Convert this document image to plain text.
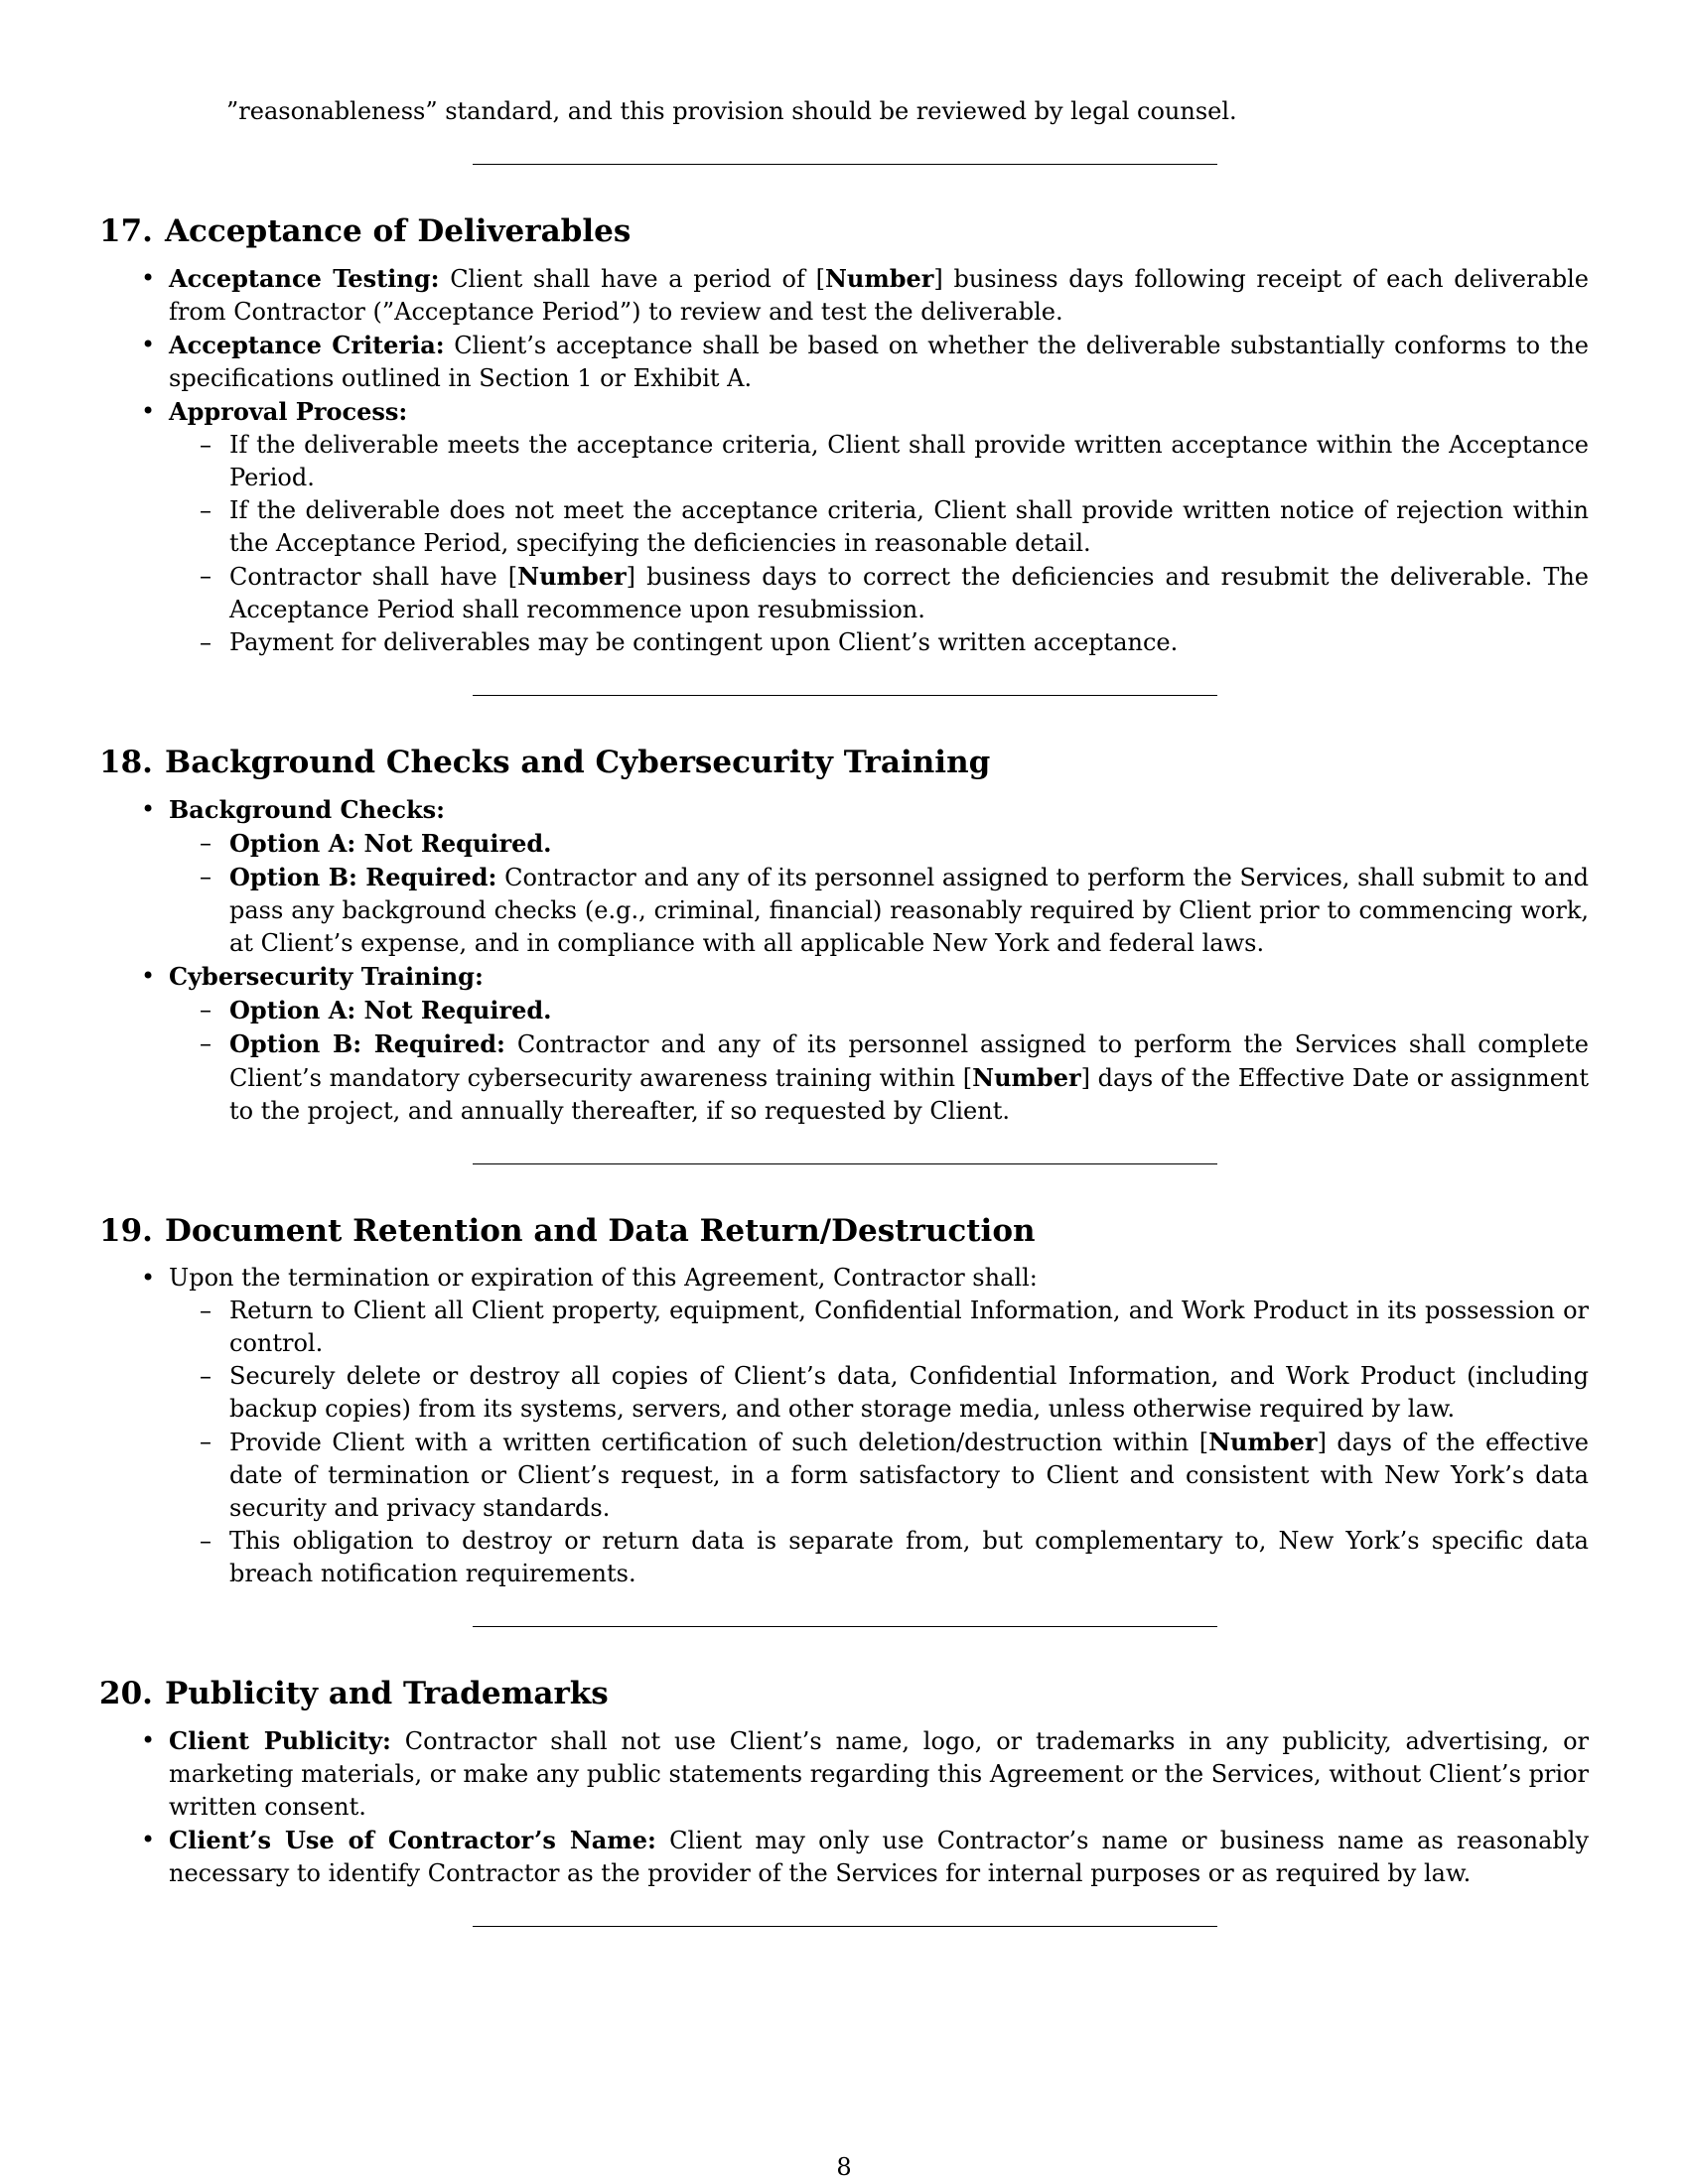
”reasonableness” standard, and this provision should be reviewed by legal counsel.

17. Acceptance of Deliverables
• Acceptance Testing: Client shall have a period of [Number] business days following receipt of each deliverable from Contractor (”Acceptance Period”) to review and test the deliverable.
• Acceptance Criteria: Client’s acceptance shall be based on whether the deliverable substantially conforms to the specifications outlined in Section 1 or Exhibit A.
• Approval Process:
– If the deliverable meets the acceptance criteria, Client shall provide written acceptance within the Acceptance Period.
– If the deliverable does not meet the acceptance criteria, Client shall provide written notice of rejection within the Acceptance Period, specifying the deficiencies in reasonable detail.
– Contractor shall have [Number] business days to correct the deficiencies and resubmit the deliverable. The Acceptance Period shall recommence upon resubmission.
– Payment for deliverables may be contingent upon Client’s written acceptance.
18. Background Checks and Cybersecurity Training
• Background Checks:
– Option A: Not Required.
– Option B: Required: Contractor and any of its personnel assigned to perform the Services, shall submit to and pass any background checks (e.g., criminal, financial) reasonably required by Client prior to commencing work, at Client’s expense, and in compliance with all applicable New York and federal laws.
• Cybersecurity Training:
– Option A: Not Required.
– Option B: Required: Contractor and any of its personnel assigned to perform the Services shall complete Client’s mandatory cybersecurity awareness training within [Number] days of the Effective Date or assignment to the project, and annually thereafter, if so requested by Client.
19. Document Retention and Data Return/Destruction
• Upon the termination or expiration of this Agreement, Contractor shall:
– Return to Client all Client property, equipment, Confidential Information, and Work Product in its possession or control.
– Securely delete or destroy all copies of Client’s data, Confidential Information, and Work Product (including backup copies) from its systems, servers, and other storage media, unless otherwise required by law.
– Provide Client with a written certification of such deletion/destruction within [Number] days of the effective date of termination or Client’s request, in a form satisfactory to Client and consistent with New York’s data security and privacy standards.
– This obligation to destroy or return data is separate from, but complementary to, New York’s specific data breach notification requirements.
20. Publicity and Trademarks
• Client Publicity: Contractor shall not use Client’s name, logo, or trademarks in any publicity, advertising, or marketing materials, or make any public statements regarding this Agreement or the Services, without Client’s prior written consent.
• Client’s Use of Contractor’s Name: Client may only use Contractor’s name or business name as reasonably necessary to identify Contractor as the provider of the Services for internal purposes or as required by law.
8
